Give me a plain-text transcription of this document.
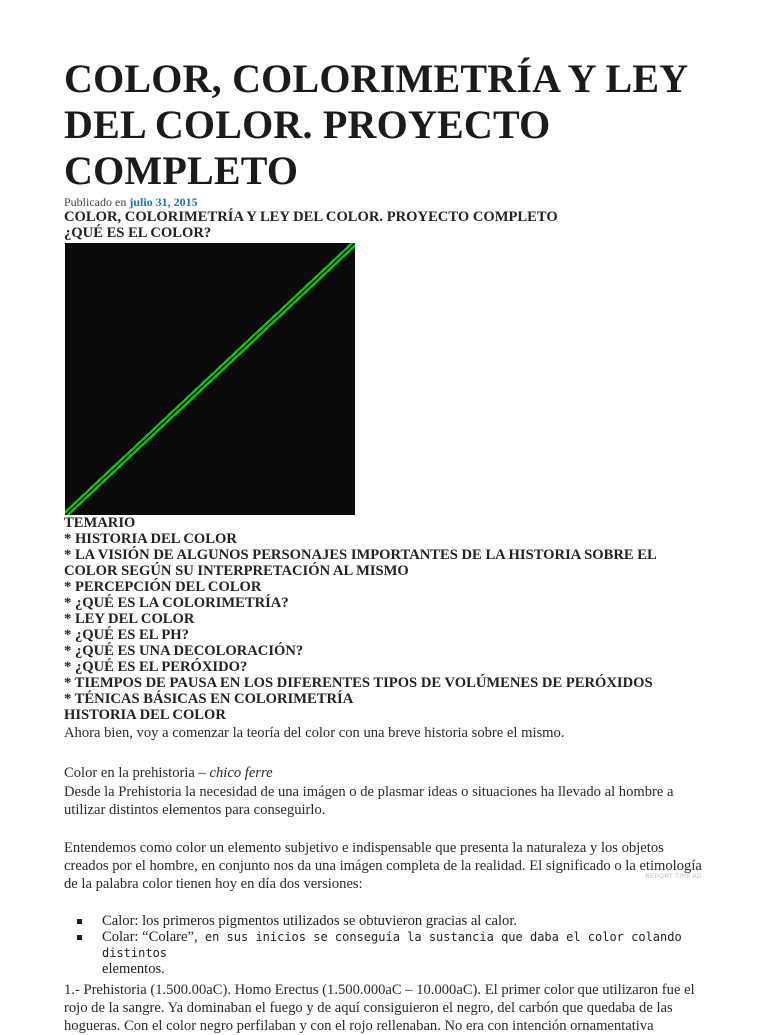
COLOR, COLORIMETRÍA Y LEY DEL COLOR. PROYECTO COMPLETO
Publicado en julio 31, 2015
COLOR, COLORIMETRÍA Y LEY DEL COLOR. PROYECTO COMPLETO
¿QUÉ ES EL COLOR?
TEMARIO
* HISTORIA DEL COLOR
* LA VISIÓN DE ALGUNOS PERSONAJES IMPORTANTES DE LA HISTORIA SOBRE EL
COLOR SEGÚN SU INTERPRETACIÓN AL MISMO
* PERCEPCIÓN DEL COLOR
* ¿QUÉ ES LA COLORIMETRÍA?
* LEY DEL COLOR
* ¿QUÉ ES EL PH?
* ¿QUÉ ES UNA DECOLORACIÓN?
* ¿QUÉ ES EL PERÓXIDO?
* TIEMPOS DE PAUSA EN LOS DIFERENTES TIPOS DE VOLÚMENES DE PERÓXIDOS
* TÉNICAS BÁSICAS EN COLORIMETRÍA
HISTORIA DEL COLOR
Ahora bien, voy a comenzar la teoría del color con una breve historia sobre el mismo.
Color en la prehistoria – chico ferre
Desde la Prehistoria la necesidad de una imágen o de plasmar ideas o situaciones ha llevado al hombre a utilizar distintos elementos para conseguirlo.
Entendemos como color un elemento subjetivo e indispensable que presenta la naturaleza y los objetos creados por el hombre, en conjunto nos da una imágen completa de la realidad. El significado o la etimología de la palabra color tienen hoy en día dos versiones:
Calor: los primeros pigmentos utilizados se obtuvieron gracias al calor.
Colar: “Colare”, en sus inicios se conseguía la sustancia que daba el color colando distintos
elementos.
REPORT THIS AD
1.- Prehistoria (1.500.00aC). Homo Erectus (1.500.000aC – 10.000aC). El primer color que utilizaron fue el rojo de la sangre. Ya dominaban el fuego y de aquí consiguieron el negro, del carbón que quedaba de las hogueras. Con el color negro perfilaban y con el rojo rellenaban. No era con intención ornamentativa
